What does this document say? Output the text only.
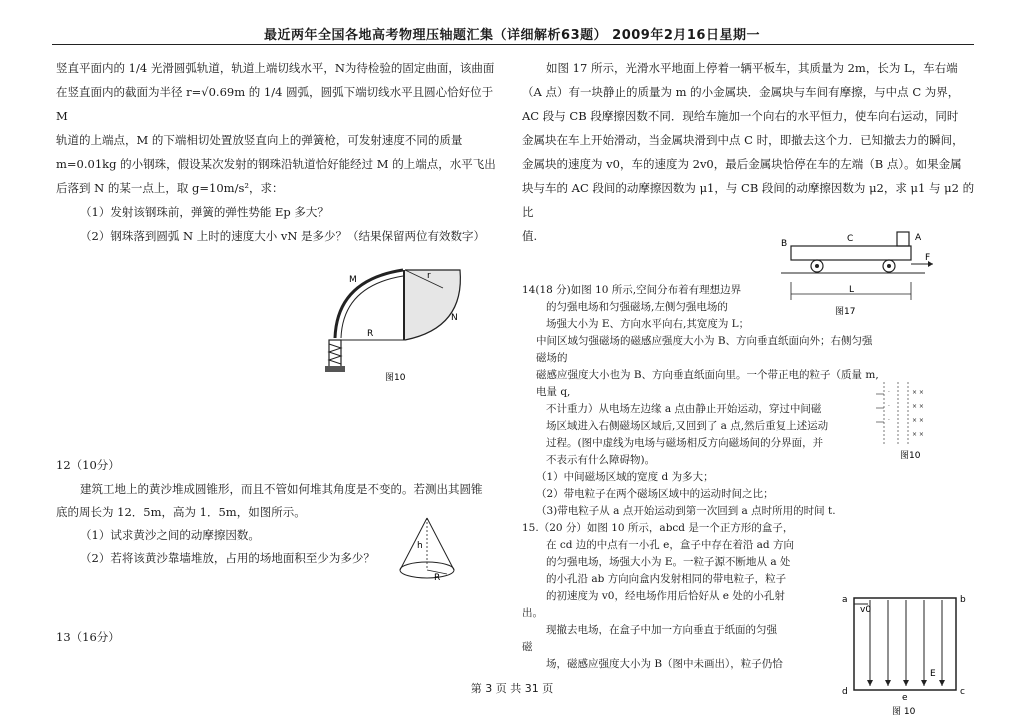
最近两年全国各地高考物理压轴题汇集（详细解析63题） 2009年2月16日星期一

竖直平面内的 1/4 光滑圆弧轨道，轨道上端切线水平，N为待检验的固定曲面，该曲面

在竖直面内的截面为半径 r=√0.69m 的 1/4 圆弧，圆弧下端切线水平且圆心恰好位于M

轨道的上端点，M 的下端相切处置放竖直向上的弹簧枪，可发射速度不同的质量

m=0.01kg 的小钢珠，假设某次发射的钢珠沿轨道恰好能经过 M 的上端点，水平飞出

后落到 N 的某一点上，取 g=10m/s²，求：

（1）发射该钢珠前，弹簧的弹性势能 Ep 多大？

（2）钢珠落到圆弧 N 上时的速度大小 vN 是多少？（结果保留两位有效数字）

M
N
R
r
图10
12（10分）

建筑工地上的黄沙堆成圆锥形，而且不管如何堆其角度是不变的。若测出其圆锥

底的周长为 12．5m，高为 1．5m，如图所示。

（1）试求黄沙之间的动摩擦因数。

（2）若将该黄沙靠墙堆放，占用的场地面积至少为多少？

h
R
13（16分）

如图 17 所示，光滑水平地面上停着一辆平板车，其质量为 2m，长为 L，车右端

（A 点）有一块静止的质量为 m 的小金属块．金属块与车间有摩擦，与中点 C 为界，

AC 段与 CB 段摩擦因数不同．现给车施加一个向右的水平恒力，使车向右运动，同时

金属块在车上开始滑动，当金属块滑到中点 C 时，即撤去这个力．已知撤去力的瞬间，

金属块的速度为 v0，车的速度为 2v0，最后金属块恰停在车的左端（B 点）。如果金属

块与车的 AC 段间的动摩擦因数为 μ1，与 CB 段间的动摩擦因数为 μ2，求 μ1 与 μ2 的比

值.

B	C	A
F
L
图17

14(18 分)如图 10 所示,空间分布着有理想边界

的匀强电场和匀强磁场,左侧匀强电场的

场强大小为 E、方向水平向右,其宽度为 L；

中间区域匀强磁场的磁感应强度大小为 B、方向垂直纸面向外；右侧匀强磁场的

磁感应强度大小也为 B、方向垂直纸面向里。一个带正电的粒子（质量 m,电量 q,

不计重力）从电场左边缘 a 点由静止开始运动，穿过中间磁

场区域进入右侧磁场区域后,又回到了 a 点,然后重复上述运动

过程。(图中虚线为电场与磁场相反方向磁场间的分界面，并

不表示有什么障碍物)。

（1）中间磁场区域的宽度 d 为多大；

（2）带电粒子在两个磁场区域中的运动时间之比；

（3)带电粒子从 a 点开始运动到第一次回到 a 点时所用的时间 t.

·
·
·
× ×
× ×
× ×
× ×
图10

15.（20 分）如图 10 所示，abcd 是一个正方形的盒子，

在 cd 边的中点有一小孔 e，盒子中存在着沿 ad 方向

的匀强电场，场强大小为 E。一粒子源不断地从 a 处

的小孔沿 ab 方向向盒内发射相同的带电粒子，粒子

的初速度为 v0，经电场作用后恰好从 e 处的小孔射

出。

现撤去电场，在盒子中加一方向垂直于纸面的匀强

磁

场，磁感应强度大小为 B（图中未画出），粒子仍恰

a	b
c
d
e
v0
E
图 10
第 3 页 共 31 页
